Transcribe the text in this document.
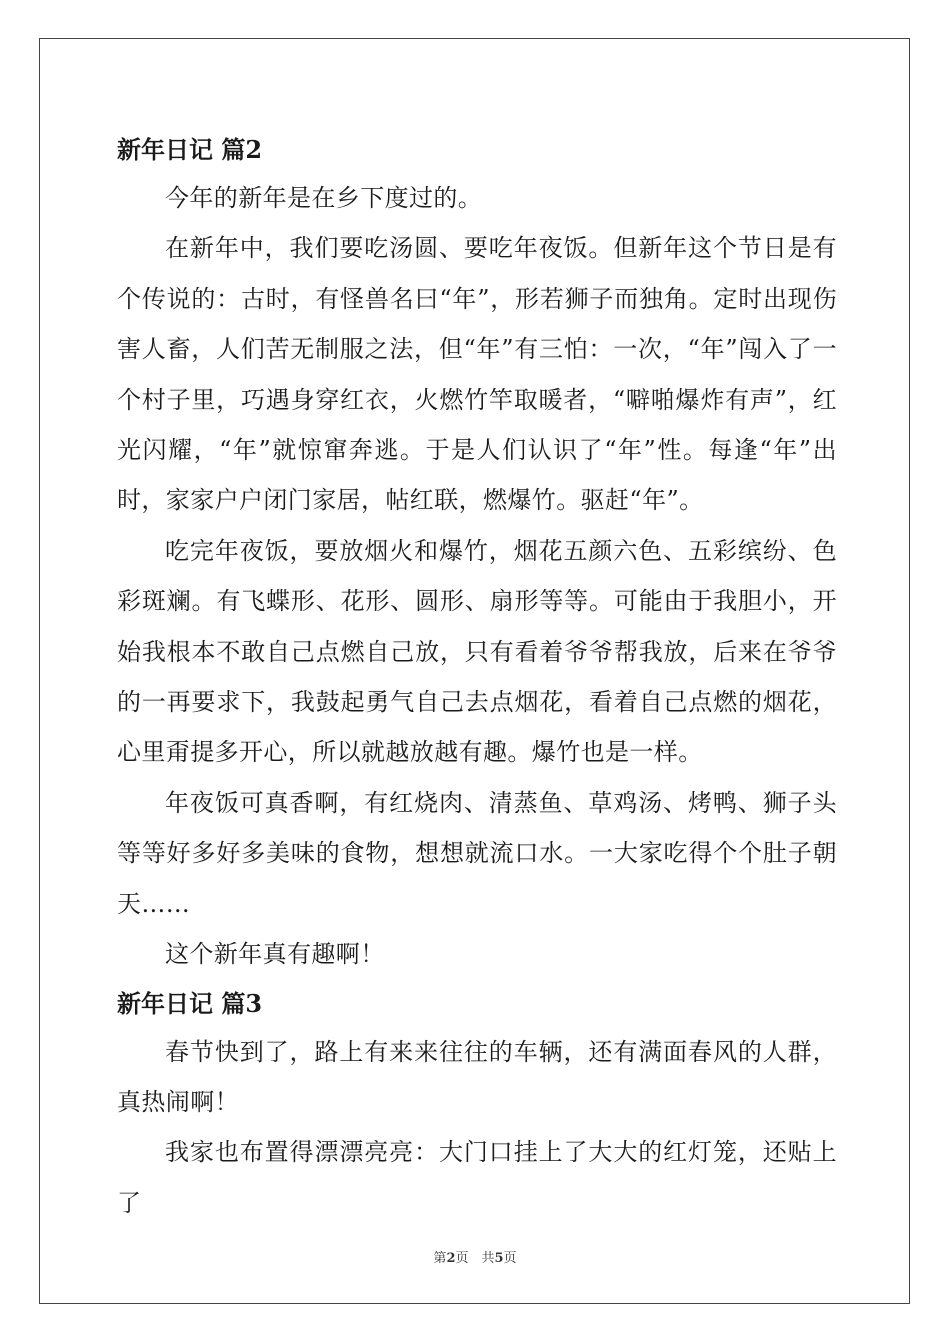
新年日记 篇2

今年的新年是在乡下度过的。

在新年中，我们要吃汤圆、要吃年夜饭。但新年这个节日是有个传说的：古时，有怪兽名曰“年”，形若狮子而独角。定时出现伤害人畜，人们苦无制服之法，但“年”有三怕：一次，“年”闯入了一个村子里，巧遇身穿红衣，火燃竹竿取暖者，“噼啪爆炸有声”，红光闪耀，“年”就惊窜奔逃。于是人们认识了“年”性。每逢“年”出时，家家户户闭门家居，帖红联，燃爆竹。驱赶“年”。

吃完年夜饭，要放烟火和爆竹，烟花五颜六色、五彩缤纷、色彩斑斓。有飞蝶形、花形、圆形、扇形等等。可能由于我胆小，开始我根本不敢自己点燃自己放，只有看着爷爷帮我放，后来在爷爷的一再要求下，我鼓起勇气自己去点烟花，看着自己点燃的烟花，心里甭提多开心，所以就越放越有趣。爆竹也是一样。

年夜饭可真香啊，有红烧肉、清蒸鱼、草鸡汤、烤鸭、狮子头等等好多好多美味的食物，想想就流口水。一大家吃得个个肚子朝天……

这个新年真有趣啊！

新年日记 篇3

春节快到了，路上有来来往往的车辆，还有满面春风的人群，真热闹啊！

我家也布置得漂漂亮亮：大门口挂上了大大的红灯笼，还贴上了

第2页　共5页
